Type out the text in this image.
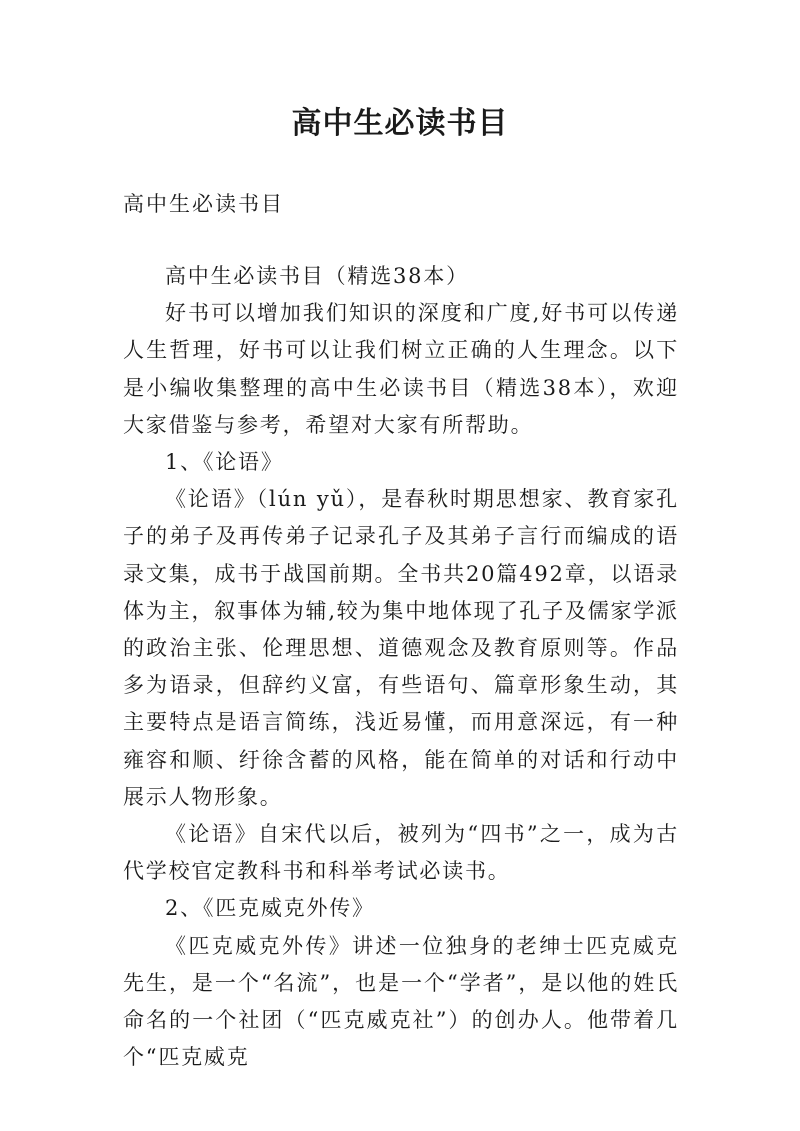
高中生必读书目
高中生必读书目

高中生必读书目（精选38本）

好书可以增加我们知识的深度和广度,好书可以传递人生哲理，好书可以让我们树立正确的人生理念。以下是小编收集整理的高中生必读书目（精选38本），欢迎大家借鉴与参考，希望对大家有所帮助。

1、《论语》

《论语》（lún yǔ），是春秋时期思想家、教育家孔子的弟子及再传弟子记录孔子及其弟子言行而编成的语录文集，成书于战国前期。全书共20篇492章，以语录体为主，叙事体为辅,较为集中地体现了孔子及儒家学派的政治主张、伦理思想、道德观念及教育原则等。作品多为语录，但辞约义富，有些语句、篇章形象生动，其主要特点是语言简练，浅近易懂，而用意深远，有一种雍容和顺、纡徐含蓄的风格，能在简单的对话和行动中展示人物形象。

《论语》自宋代以后，被列为“四书”之一，成为古代学校官定教科书和科举考试必读书。

2、《匹克威克外传》

《匹克威克外传》讲述一位独身的老绅士匹克威克先生，是一个“名流”，也是一个“学者”，是以他的姓氏命名的一个社团（“匹克威克社”）的创办人。他带着几个“匹克威克
